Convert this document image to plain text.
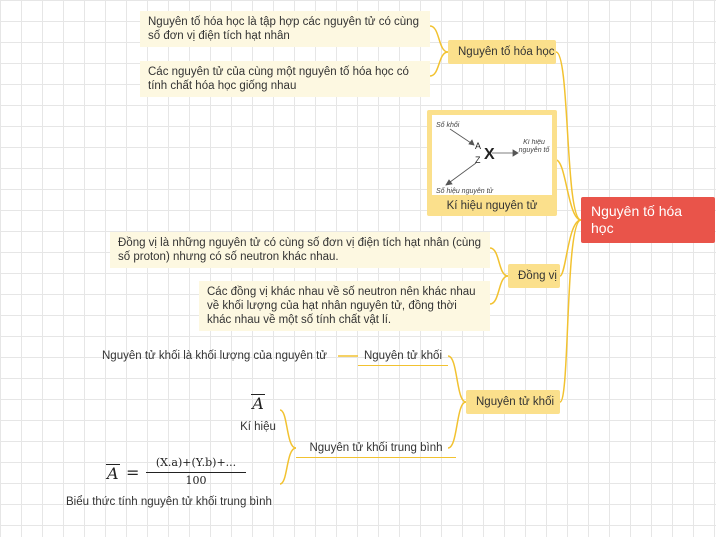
Nguyên tố hóa học
Nguyên tố hóa học
Nguyên tố hóa học là tập hợp các nguyên tử có cùng số đơn vị điện tích hạt nhân
Các nguyên tử của cùng một nguyên tố hóa học có tính chất hóa học giống nhau
Số khối
A
Z X
Kí hiệu nguyên tố
Số hiệu nguyên tử
Kí hiệu nguyên tử
Đồng vị
Đồng vị là những nguyên tử có cùng số đơn vị điện tích hạt nhân (cùng số proton) nhưng có số neutron khác nhau.
Các đồng vị khác nhau về số neutron nên khác nhau về khối lượng của hạt nhân nguyên tử, đồng thời khác nhau về một số tính chất vật lí.
Nguyên tử khối
Nguyên tử khối
Nguyên tử khối là khối lượng của nguyên tử
Nguyên tử khối trung bình
A
Kí hiệu
$A = \frac{(X.a)+(Y.b)+...}{100}$
Biểu thức tính nguyên tử khối trung bình
